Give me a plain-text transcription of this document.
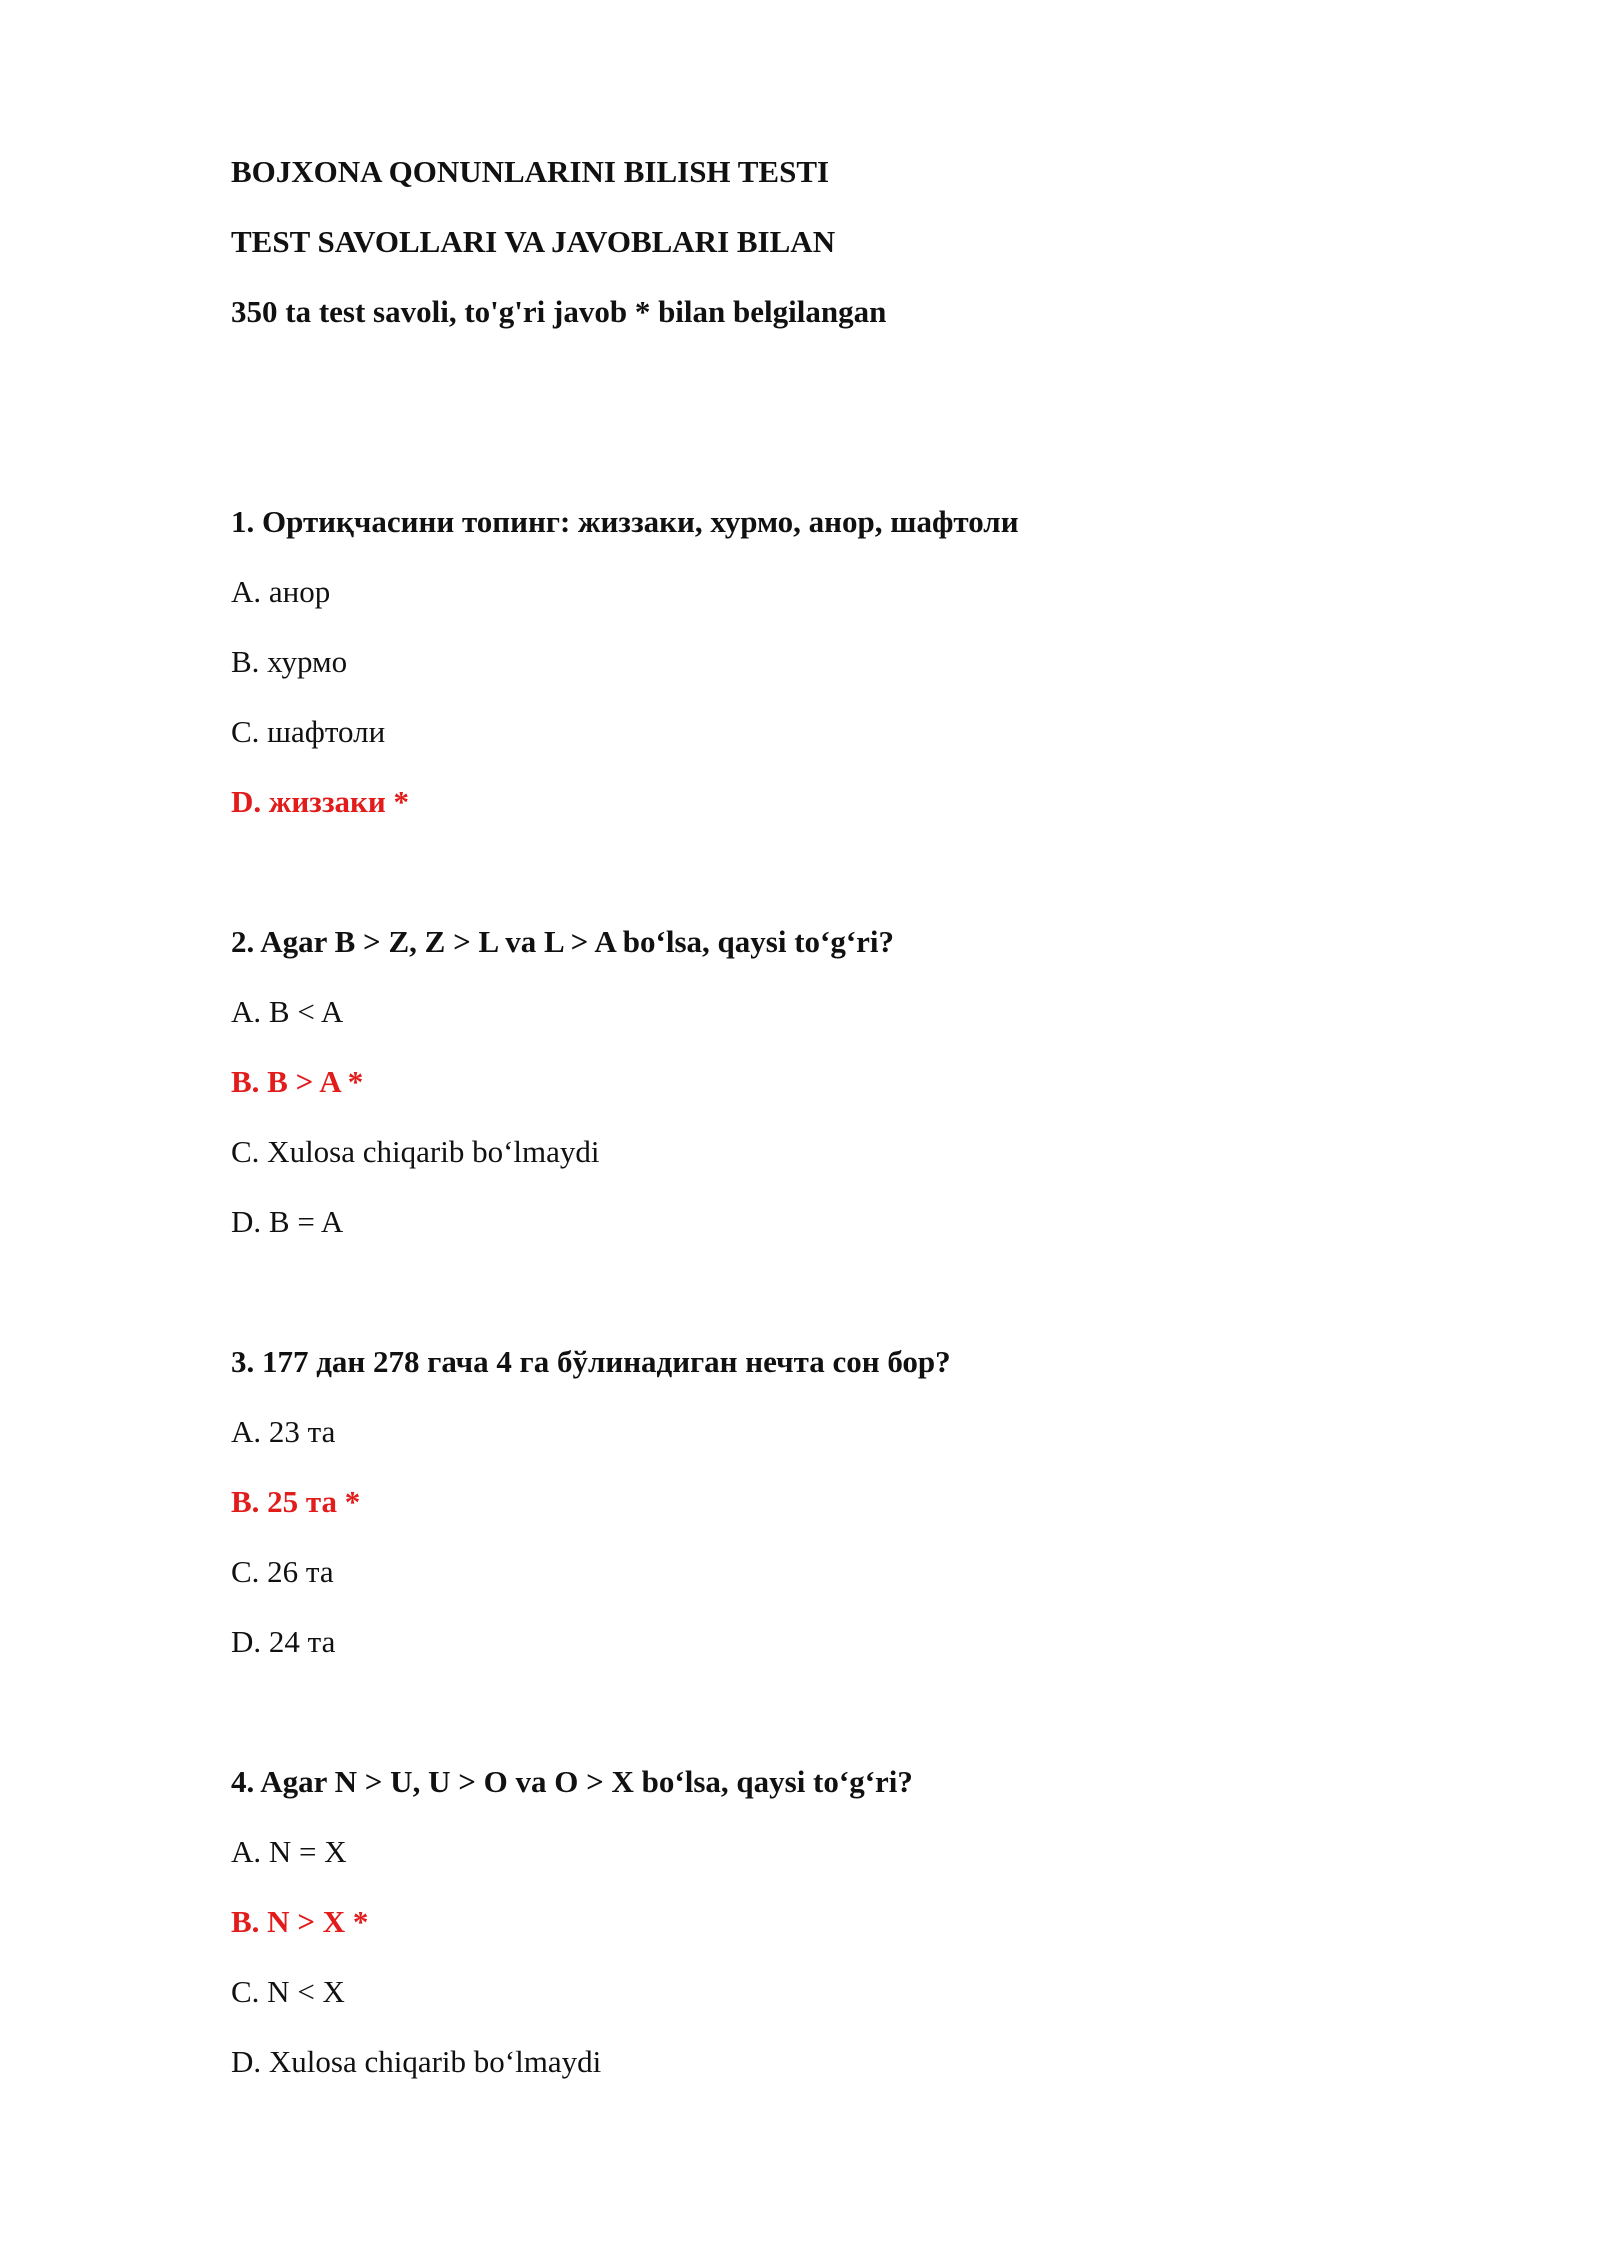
BOJXONA QONUNLARINI BILISH TESTI
TEST SAVOLLARI VA JAVOBLARI BILAN
350 ta test savoli, to'g'ri javob * bilan belgilangan
1. Ортиқчасини топинг: жиззаки, хурмо, анор, шафтоли
A. анор
B. хурмо
C. шафтоли
D. жиззаки *
2. Agar B > Z, Z > L va L > A bo‘lsa, qaysi to‘g‘ri?
A. B < A
B. B > A *
C. Xulosa chiqarib bo‘lmaydi
D. B = A
3. 177 дан 278 гача 4 га бўлинадиган нечта сон бор?
A. 23 та
B. 25 та *
C. 26 та
D. 24 та
4. Agar N > U, U > O va O > X bo‘lsa, qaysi to‘g‘ri?
A. N = X
B. N > X *
C. N < X
D. Xulosa chiqarib bo‘lmaydi
